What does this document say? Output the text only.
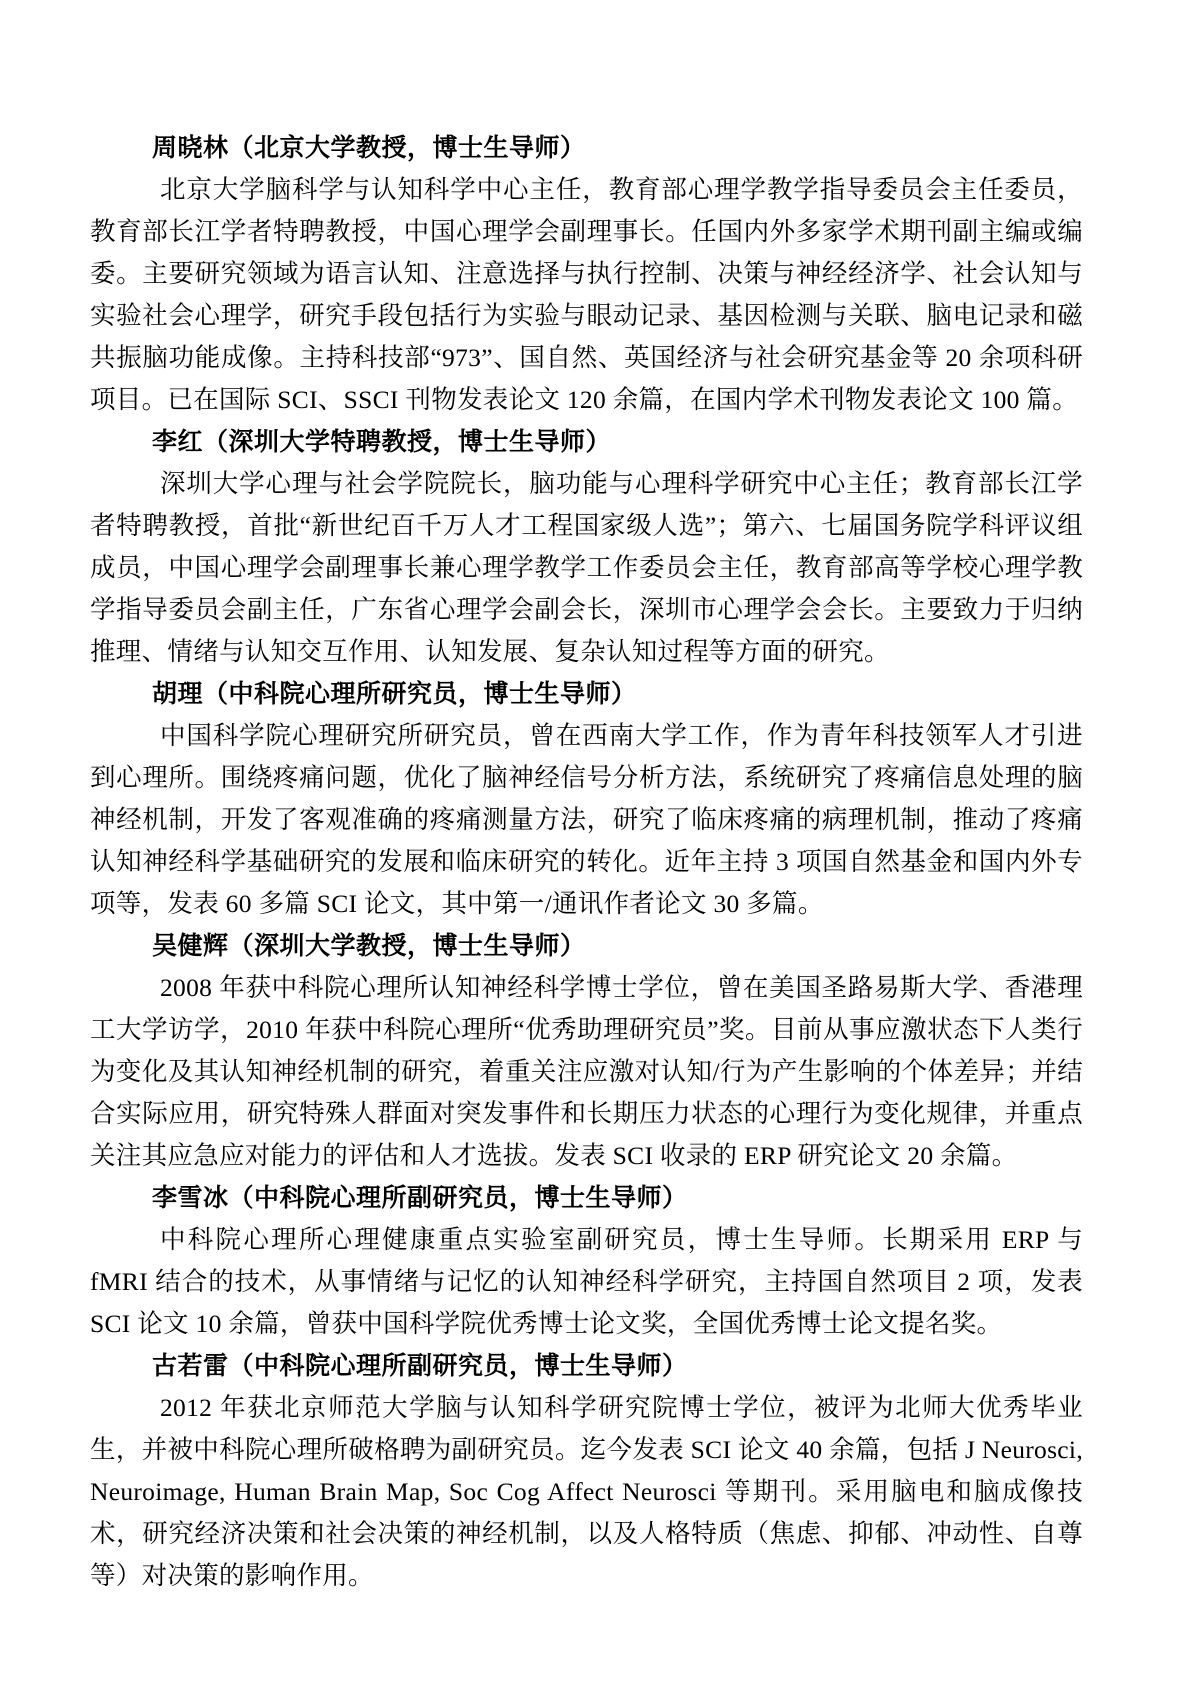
周晓林（北京大学教授，博士生导师）

北京大学脑科学与认知科学中心主任，教育部心理学教学指导委员会主任委员，教育部长江学者特聘教授，中国心理学会副理事长。任国内外多家学术期刊副主编或编委。主要研究领域为语言认知、注意选择与执行控制、决策与神经经济学、社会认知与实验社会心理学，研究手段包括行为实验与眼动记录、基因检测与关联、脑电记录和磁共振脑功能成像。主持科技部“973”、国自然、英国经济与社会研究基金等 20 余项科研项目。已在国际 SCI、SSCI 刊物发表论文 120 余篇，在国内学术刊物发表论文 100 篇。

李红（深圳大学特聘教授，博士生导师）

深圳大学心理与社会学院院长，脑功能与心理科学研究中心主任；教育部长江学者特聘教授，首批“新世纪百千万人才工程国家级人选”；第六、七届国务院学科评议组成员，中国心理学会副理事长兼心理学教学工作委员会主任，教育部高等学校心理学教学指导委员会副主任，广东省心理学会副会长，深圳市心理学会会长。主要致力于归纳推理、情绪与认知交互作用、认知发展、复杂认知过程等方面的研究。

胡理（中科院心理所研究员，博士生导师）

中国科学院心理研究所研究员，曾在西南大学工作，作为青年科技领军人才引进到心理所。围绕疼痛问题，优化了脑神经信号分析方法，系统研究了疼痛信息处理的脑神经机制，开发了客观准确的疼痛测量方法，研究了临床疼痛的病理机制，推动了疼痛认知神经科学基础研究的发展和临床研究的转化。近年主持 3 项国自然基金和国内外专项等，发表 60 多篇 SCI 论文，其中第一/通讯作者论文 30 多篇。

吴健辉（深圳大学教授，博士生导师）

2008 年获中科院心理所认知神经科学博士学位，曾在美国圣路易斯大学、香港理工大学访学，2010 年获中科院心理所“优秀助理研究员”奖。目前从事应激状态下人类行为变化及其认知神经机制的研究，着重关注应激对认知/行为产生影响的个体差异；并结合实际应用，研究特殊人群面对突发事件和长期压力状态的心理行为变化规律，并重点关注其应急应对能力的评估和人才选拔。发表 SCI 收录的 ERP 研究论文 20 余篇。

李雪冰（中科院心理所副研究员，博士生导师）

中科院心理所心理健康重点实验室副研究员，博士生导师。长期采用 ERP 与 fMRI 结合的技术，从事情绪与记忆的认知神经科学研究，主持国自然项目 2 项，发表 SCI 论文 10 余篇，曾获中国科学院优秀博士论文奖，全国优秀博士论文提名奖。

古若雷（中科院心理所副研究员，博士生导师）

2012 年获北京师范大学脑与认知科学研究院博士学位，被评为北师大优秀毕业生，并被中科院心理所破格聘为副研究员。迄今发表 SCI 论文 40 余篇，包括 J Neurosci, Neuroimage, Human Brain Map, Soc Cog Affect Neurosci 等期刊。采用脑电和脑成像技术，研究经济决策和社会决策的神经机制，以及人格特质（焦虑、抑郁、冲动性、自尊等）对决策的影响作用。
